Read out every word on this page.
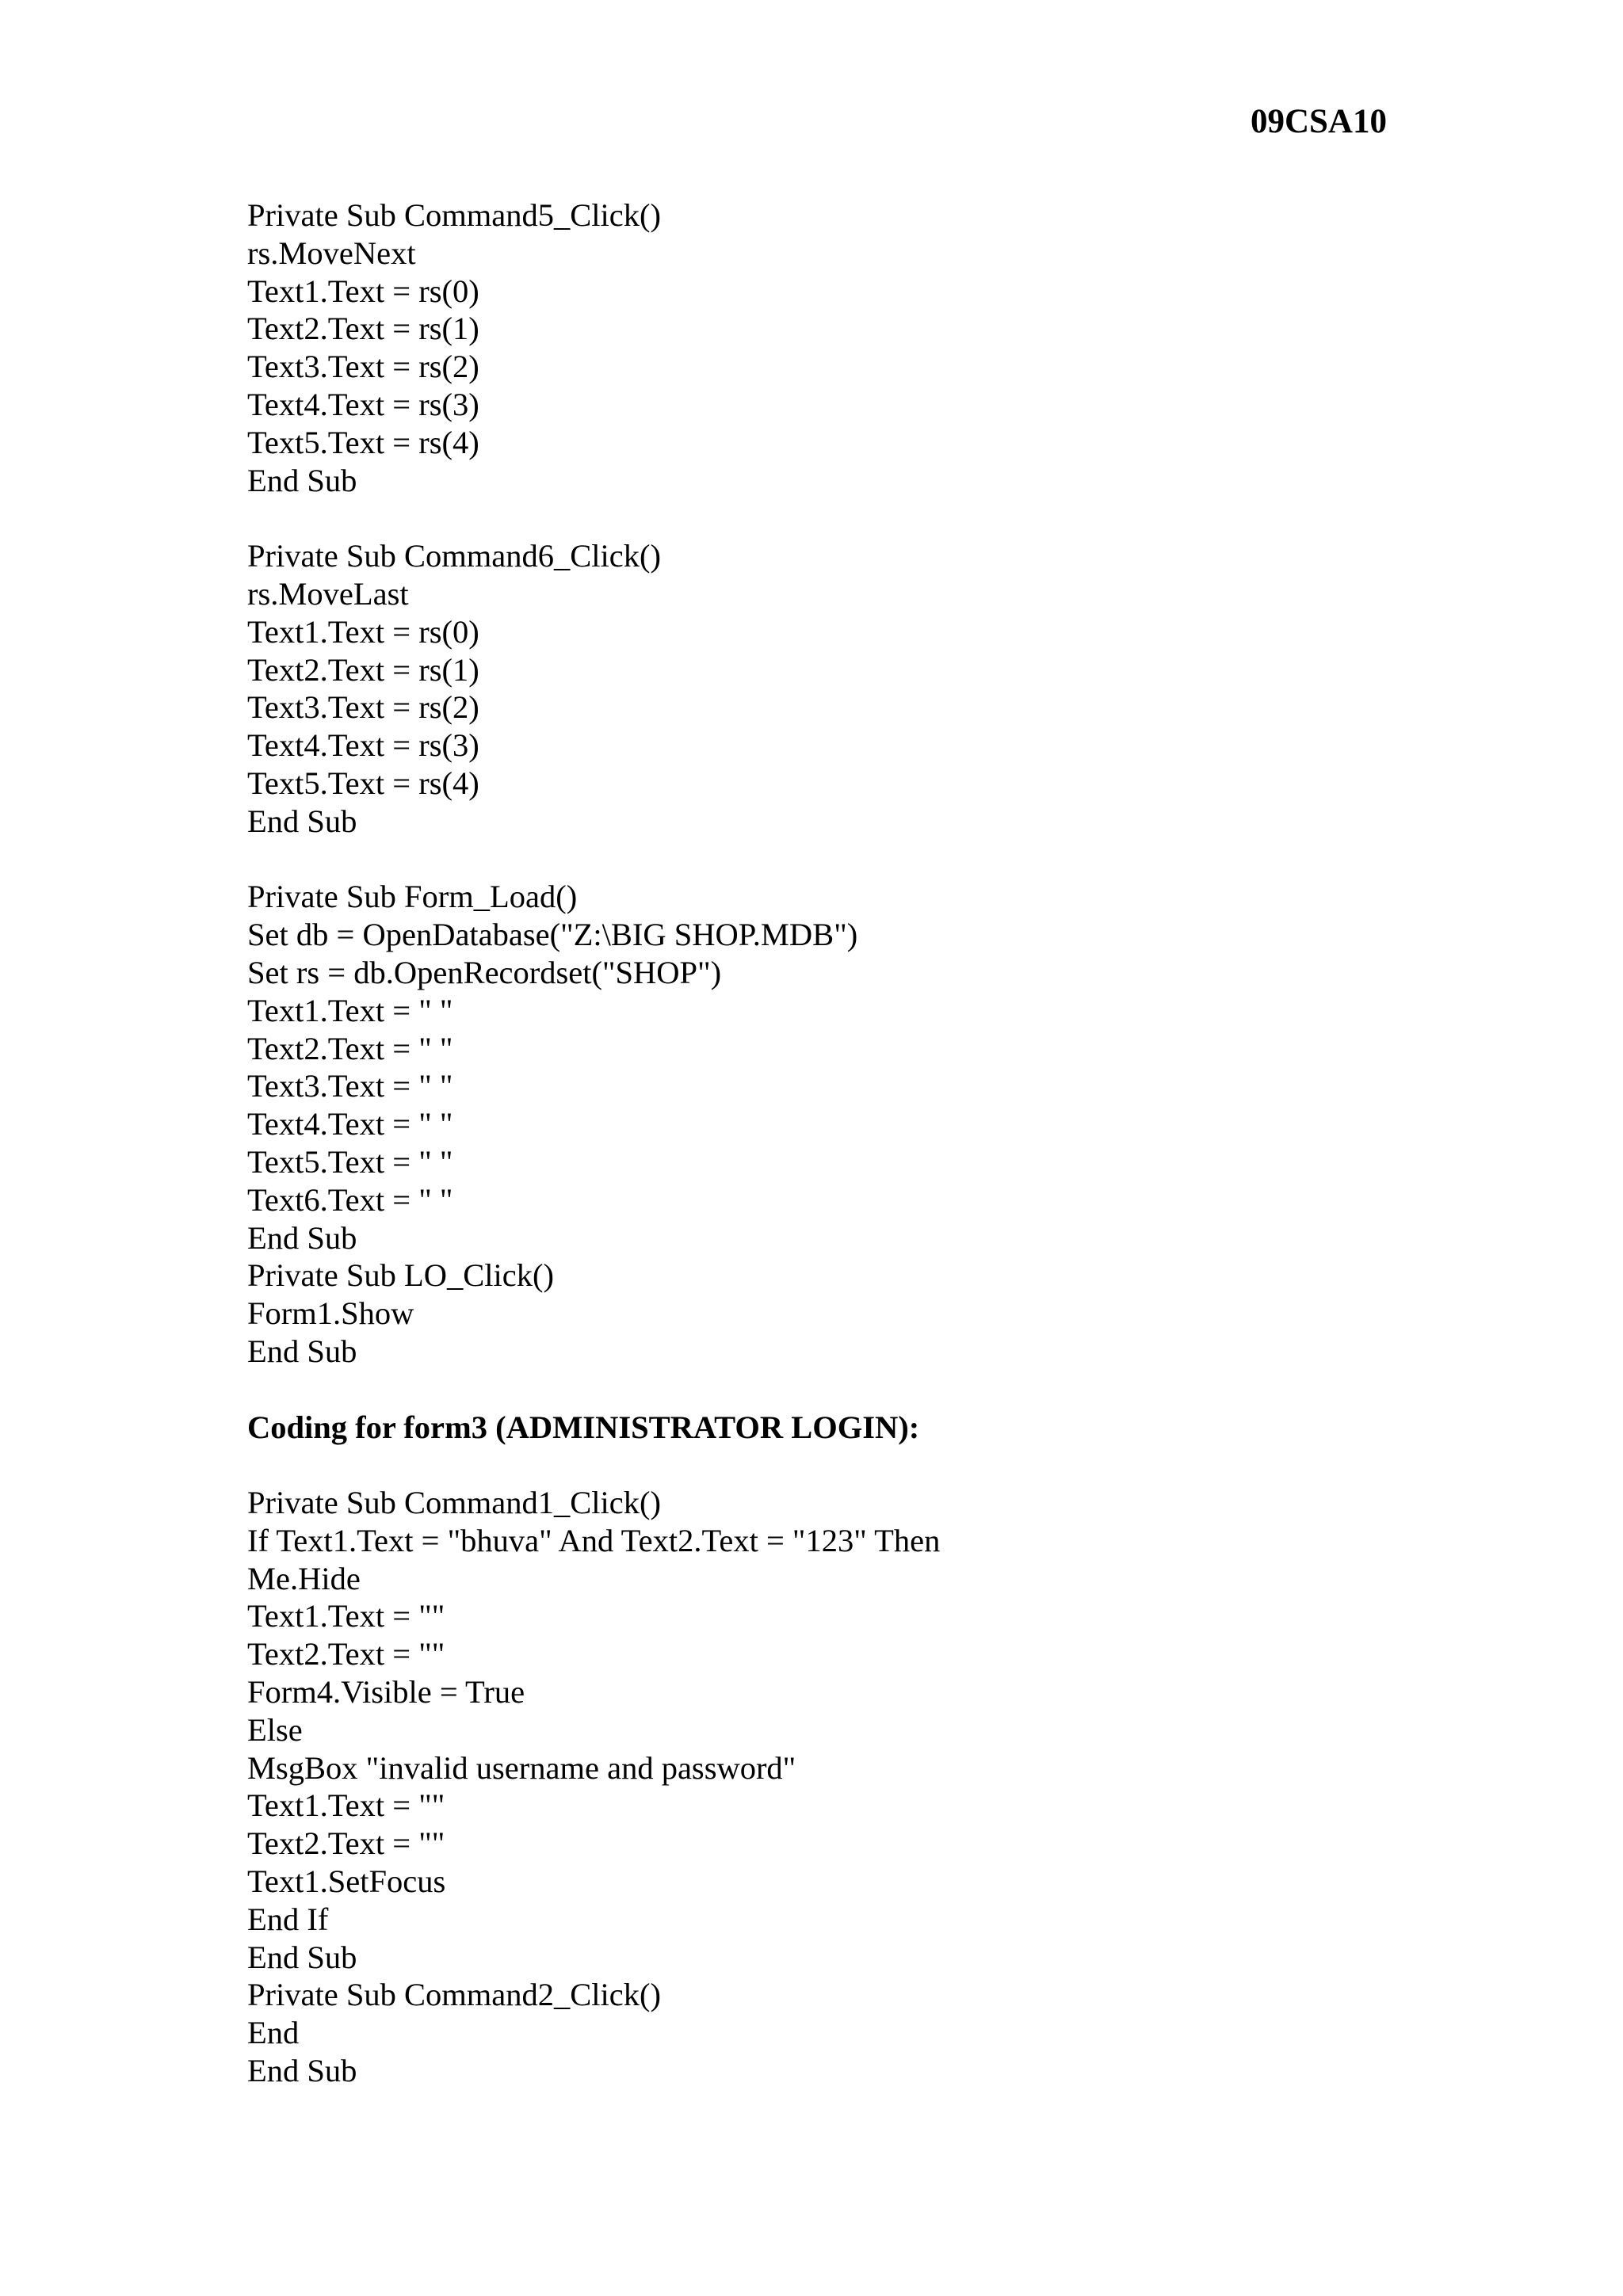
09CSA10
Private Sub Command5_Click()
rs.MoveNext
Text1.Text = rs(0)
Text2.Text = rs(1)
Text3.Text = rs(2)
Text4.Text = rs(3)
Text5.Text = rs(4)
End Sub
Private Sub Command6_Click()
rs.MoveLast
Text1.Text = rs(0)
Text2.Text = rs(1)
Text3.Text = rs(2)
Text4.Text = rs(3)
Text5.Text = rs(4)
End Sub
Private Sub Form_Load()
Set db = OpenDatabase("Z:\BIG SHOP.MDB")
Set rs = db.OpenRecordset("SHOP")
Text1.Text = " "
Text2.Text = " "
Text3.Text = " "
Text4.Text = " "
Text5.Text = " "
Text6.Text = " "
End Sub
Private Sub LO_Click()
Form1.Show
End Sub
Coding for form3 (ADMINISTRATOR LOGIN):
Private Sub Command1_Click()
If Text1.Text = "bhuva" And Text2.Text = "123" Then
Me.Hide
Text1.Text = ""
Text2.Text = ""
Form4.Visible = True
Else
MsgBox "invalid username and password"
Text1.Text = ""
Text2.Text = ""
Text1.SetFocus
End If
End Sub
Private Sub Command2_Click()
End
End Sub
